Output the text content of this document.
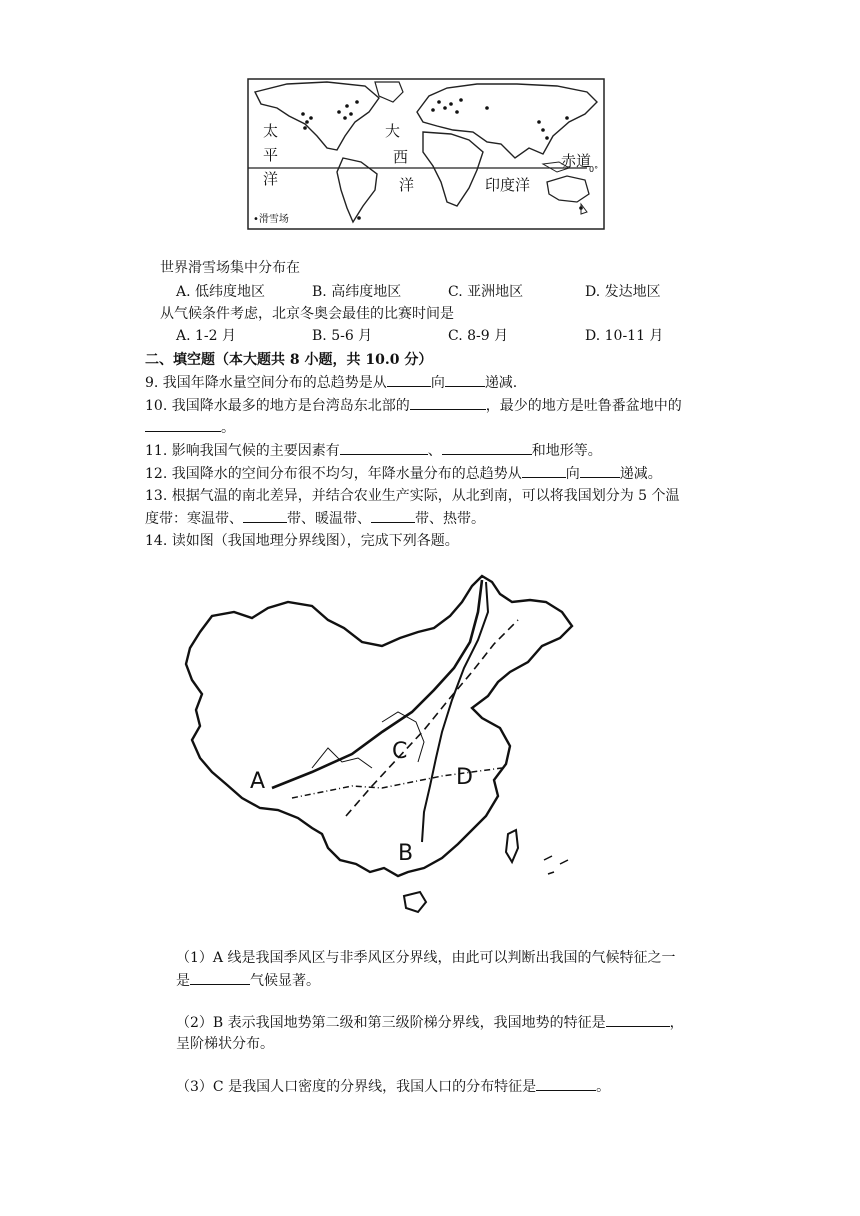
太
平
洋
大
西
洋	印度洋
赤道
0°
•滑雪场
世界滑雪场集中分布在
A. 低纬度地区	B. 高纬度地区	C. 亚洲地区	D. 发达地区
从气候条件考虑，北京冬奥会最佳的比赛时间是
A. 1-2 月	B. 5-6 月	C. 8-9 月	D. 10-11 月
二、填空题（本大题共 8 小题，共 10.0 分）
9. 我国年降水量空间分布的总趋势是从	向	递减.
10. 我国降水最多的地方是台湾岛东北部的	，最少的地方是吐鲁番盆地中的
。
11. 影响我国气候的主要因素有	、	和地形等。
12. 我国降水的空间分布很不均匀，年降水量分布的总趋势从	向	递减。
13. 根据气温的南北差异，并结合农业生产实际，从北到南，可以将我国划分为 5 个温
度带：寒温带、	带、暖温带、	带、热带。
14. 读如图（我国地理分界线图），完成下列各题。
A
B
C
D
（1）A 线是我国季风区与非季风区分界线，由此可以判断出我国的气候特征之一
是	气候显著。
（2）B 表示我国地势第二级和第三级阶梯分界线，我国地势的特征是	，
呈阶梯状分布。
（3）C 是我国人口密度的分界线，我国人口的分布特征是	。
